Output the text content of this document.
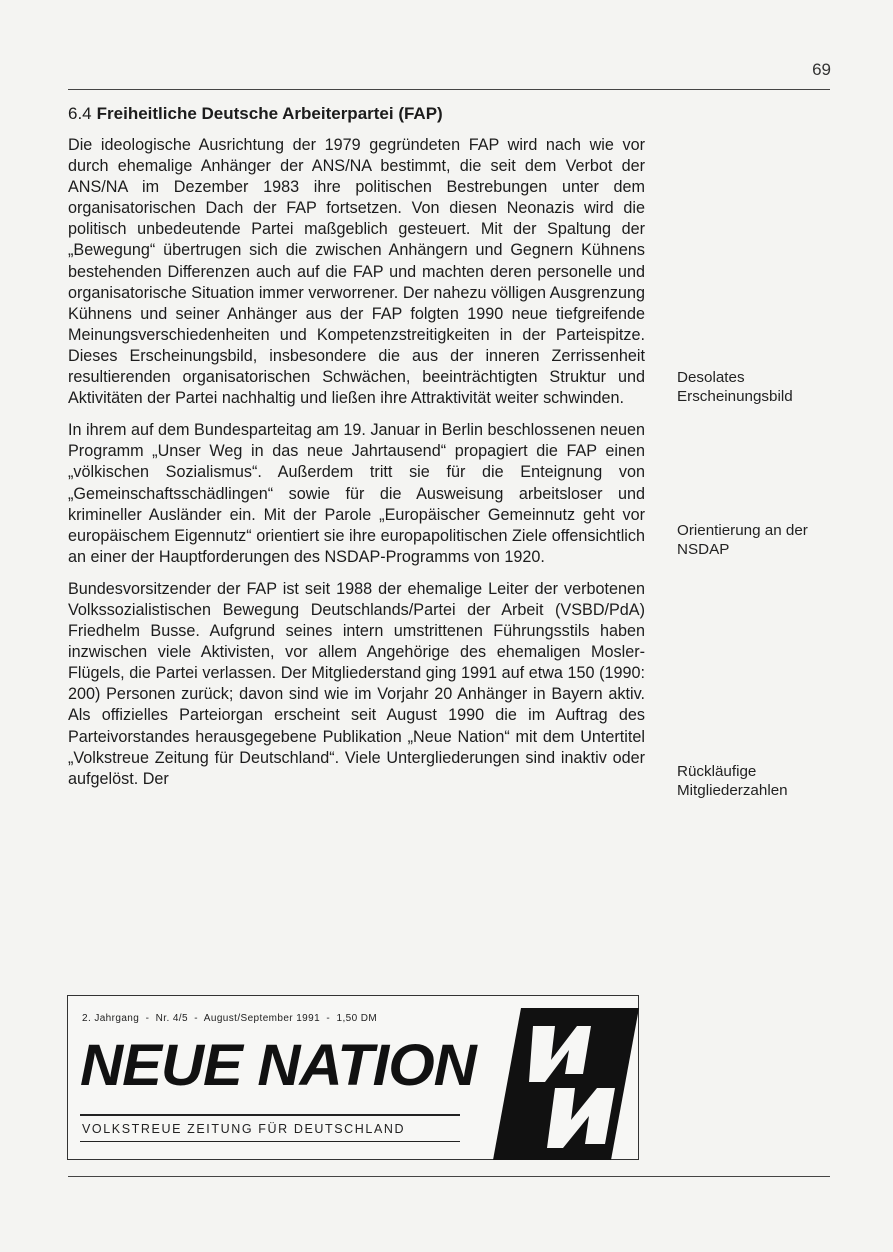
69
6.4 Freiheitliche Deutsche Arbeiterpartei (FAP)

Die ideologische Ausrichtung der 1979 gegründeten FAP wird nach wie vor durch ehemalige Anhänger der ANS/NA bestimmt, die seit dem Verbot der ANS/NA im Dezember 1983 ihre politischen Bestrebungen unter dem organisatorischen Dach der FAP fortsetzen. Von diesen Neonazis wird die politisch unbedeutende Partei maßgeblich gesteuert. Mit der Spaltung der „Bewegung“ übertrugen sich die zwischen Anhängern und Gegnern Kühnens bestehenden Differenzen auch auf die FAP und machten deren personelle und organisatorische Situation immer verworrener. Der nahezu völligen Ausgrenzung Kühnens und seiner Anhänger aus der FAP folgten 1990 neue tiefgreifende Meinungsverschiedenheiten und Kompetenzstreitigkeiten in der Parteispitze. Dieses Erscheinungsbild, insbesondere die aus der inneren Zerrissenheit resultierenden organisatorischen Schwächen, beeinträchtigten Struktur und Aktivitäten der Partei nachhaltig und ließen ihre Attraktivität weiter schwinden.

In ihrem auf dem Bundesparteitag am 19. Januar in Berlin beschlossenen neuen Programm „Unser Weg in das neue Jahrtausend“ propagiert die FAP einen „völkischen Sozialismus“. Außerdem tritt sie für die Enteignung von „Gemeinschaftsschädlingen“ sowie für die Ausweisung arbeitsloser und krimineller Ausländer ein. Mit der Parole „Europäischer Gemeinnutz geht vor europäischem Eigennutz“ orientiert sie ihre europapolitischen Ziele offensichtlich an einer der Hauptforderungen des NSDAP-Programms von 1920.

Bundesvorsitzender der FAP ist seit 1988 der ehemalige Leiter der verbotenen Volkssozialistischen Bewegung Deutschlands/Partei der Arbeit (VSBD/PdA) Friedhelm Busse. Aufgrund seines intern umstrittenen Führungsstils haben inzwischen viele Aktivisten, vor allem Angehörige des ehemaligen Mosler-Flügels, die Partei verlassen. Der Mitgliederstand ging 1991 auf etwa 150 (1990: 200) Personen zurück; davon sind wie im Vorjahr 20 Anhänger in Bayern aktiv. Als offizielles Parteiorgan erscheint seit August 1990 die im Auftrag des Parteivorstandes herausgegebene Publikation „Neue Nation“ mit dem Untertitel „Volkstreue Zeitung für Deutschland“. Viele Untergliederungen sind inaktiv oder aufgelöst. Der

Desolates Erscheinungsbild
Orientierung an der NSDAP
Rückläufige Mitgliederzahlen
2. Jahrgang  -  Nr. 4/5  -  August/September 1991  -  1,50 DM
NEUE NATION
VOLKSTREUE ZEITUNG FÜR DEUTSCHLAND
